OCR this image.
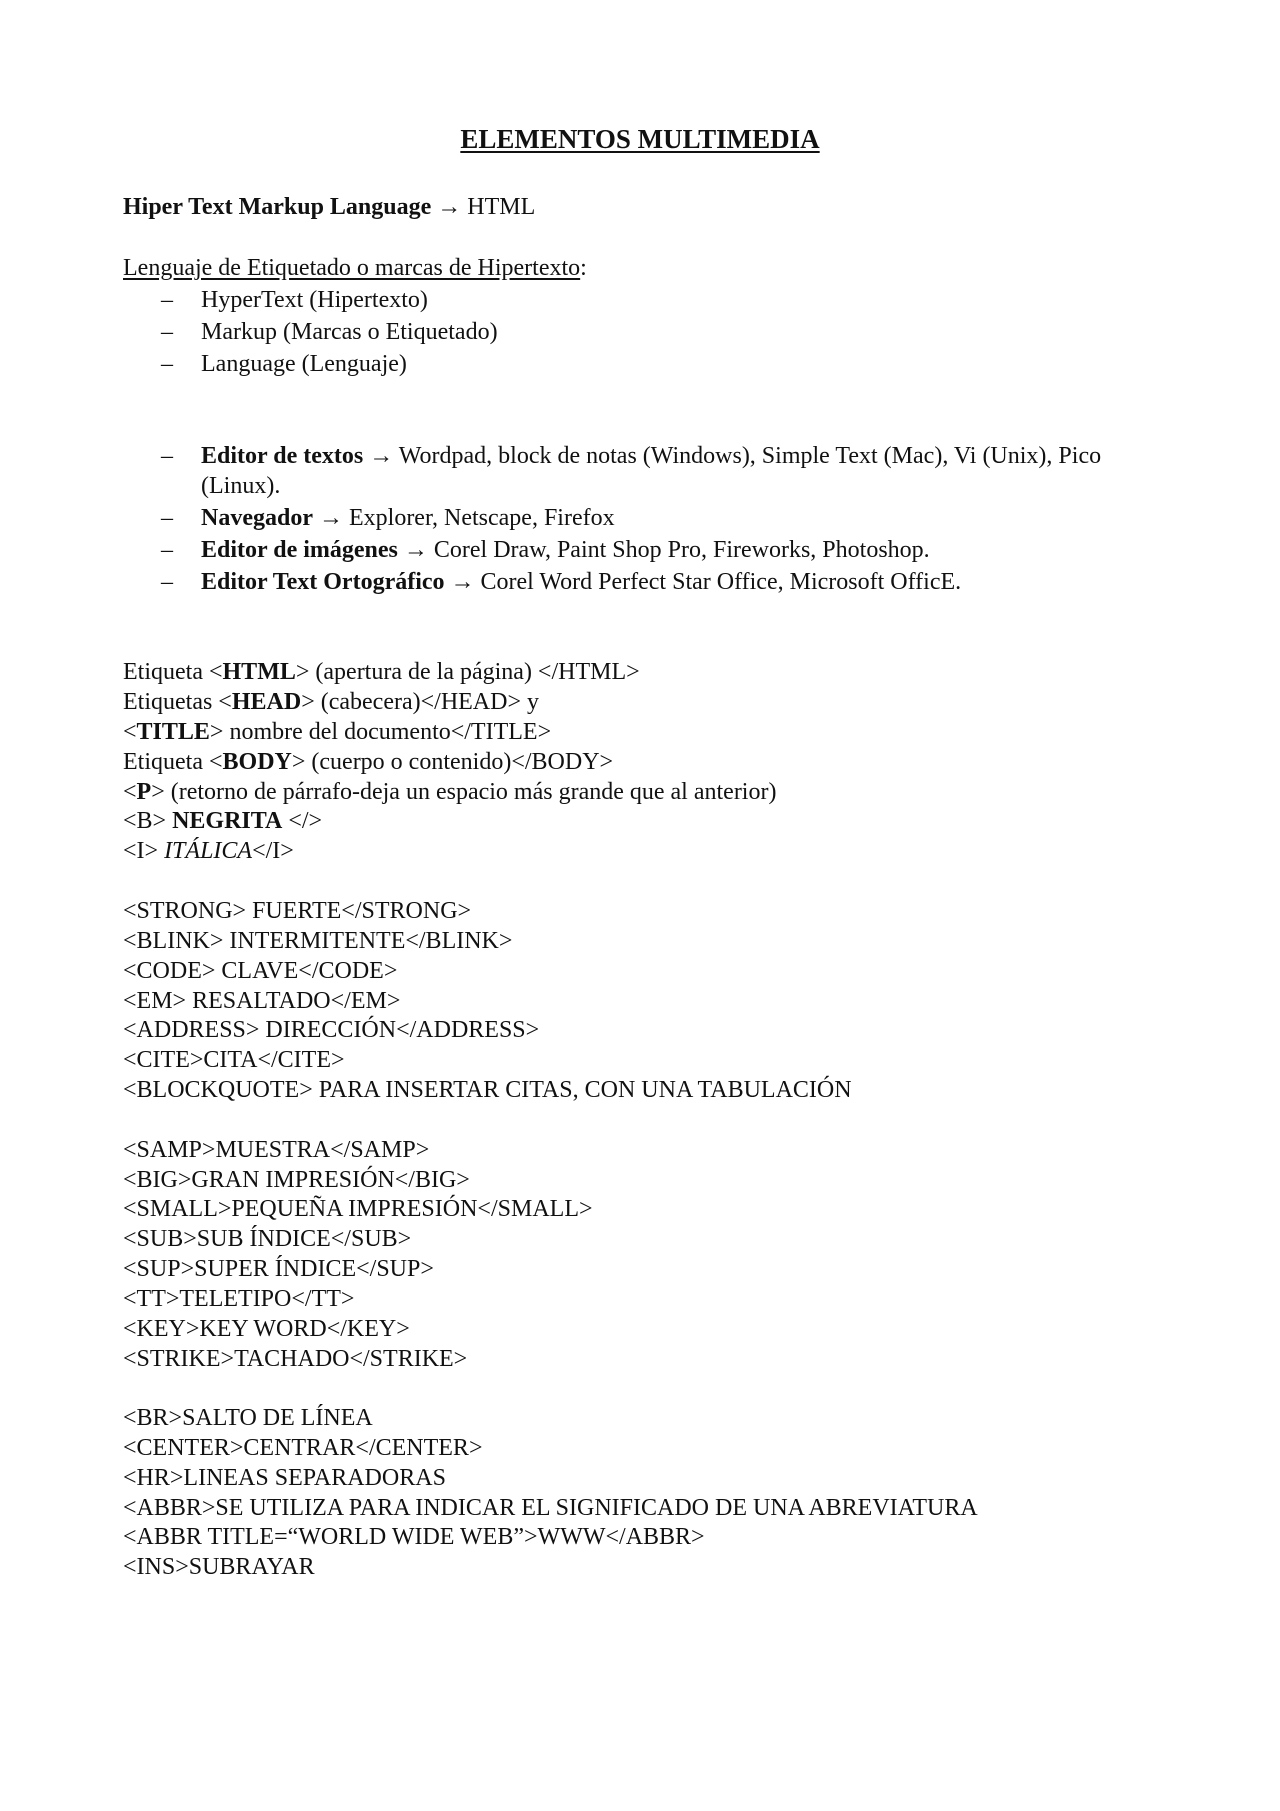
ELEMENTOS MULTIMEDIA
Hiper Text Markup Language → HTML
Lenguaje de Etiquetado o marcas de Hipertexto:
– HyperText (Hipertexto)
– Markup (Marcas o Etiquetado)
– Language (Lenguaje)
– Editor de textos → Wordpad, block de notas (Windows), Simple Text (Mac), Vi (Unix), Pico (Linux).
– Navegador → Explorer, Netscape, Firefox
– Editor de imágenes → Corel Draw, Paint Shop Pro, Fireworks, Photoshop.
– Editor Text Ortográfico → Corel Word Perfect Star Office, Microsoft OfficE.
Etiqueta <HTML> (apertura de la página) </HTML>
Etiquetas <HEAD> (cabecera)</HEAD> y
<TITLE> nombre del documento</TITLE>
Etiqueta <BODY> (cuerpo o contenido)</BODY>
<P> (retorno de párrafo-deja un espacio más grande que al anterior)
<B> NEGRITA </>
<I> ITÁLICA</I>
<STRONG> FUERTE</STRONG>
<BLINK> INTERMITENTE</BLINK>
<CODE> CLAVE</CODE>
<EM> RESALTADO</EM>
<ADDRESS> DIRECCIÓN</ADDRESS>
<CITE>CITA</CITE>
<BLOCKQUOTE> PARA INSERTAR CITAS, CON UNA TABULACIÓN
<SAMP>MUESTRA</SAMP>
<BIG>GRAN IMPRESIÓN</BIG>
<SMALL>PEQUEÑA IMPRESIÓN</SMALL>
<SUB>SUB ÍNDICE</SUB>
<SUP>SUPER ÍNDICE</SUP>
<TT>TELETIPO</TT>
<KEY>KEY WORD</KEY>
<STRIKE>TACHADO</STRIKE>
<BR>SALTO DE LÍNEA
<CENTER>CENTRAR</CENTER>
<HR>LINEAS SEPARADORAS
<ABBR>SE UTILIZA PARA INDICAR EL SIGNIFICADO DE UNA ABREVIATURA
<ABBR TITLE=“WORLD WIDE WEB”>WWW</ABBR>
<INS>SUBRAYAR
